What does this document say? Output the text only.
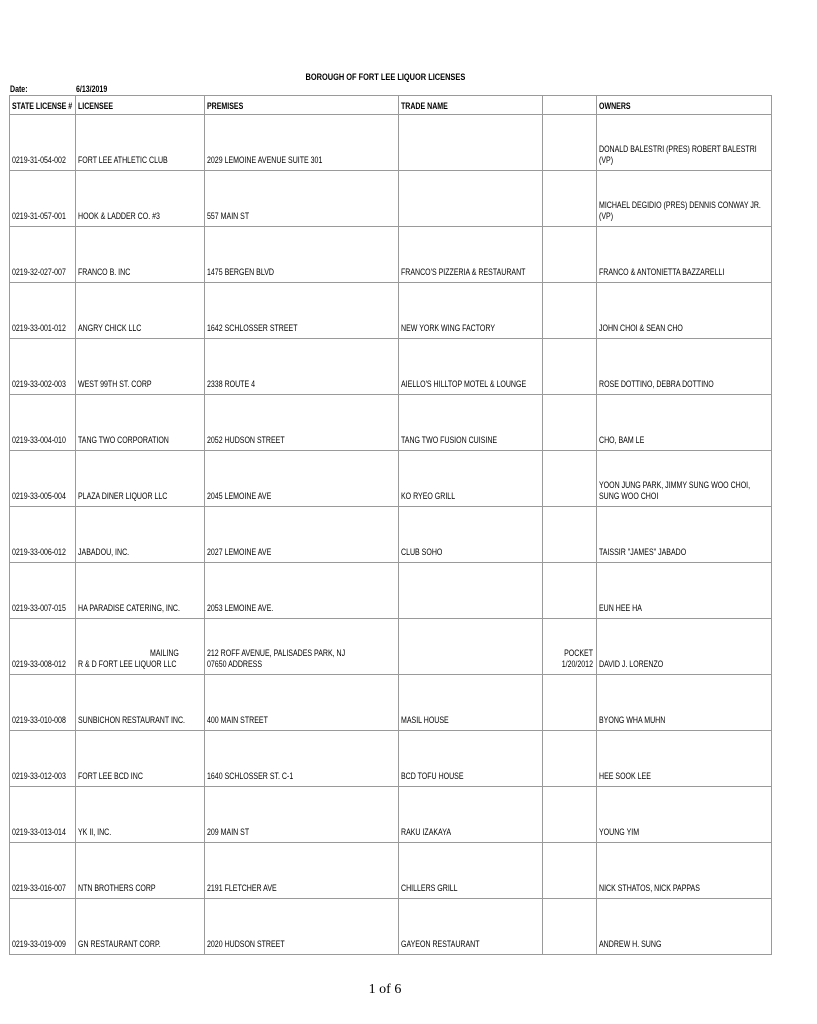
BOROUGH OF FORT LEE LIQUOR LICENSES
Date:	6/13/2019
STATE LICENSE #	LICENSEE	PREMISES	TRADE NAME		OWNERS
0219-31-054-002	FORT LEE ATHLETIC CLUB	2029 LEMOINE AVENUE SUITE 301			DONALD BALESTRI (PRES) ROBERT BALESTRI (VP)
0219-31-057-001	HOOK & LADDER CO. #3	557 MAIN ST			MICHAEL DEGIDIO (PRES) DENNIS CONWAY JR. (VP)
0219-32-027-007	FRANCO B. INC	1475 BERGEN BLVD	FRANCO'S PIZZERIA & RESTAURANT		FRANCO & ANTONIETTA BAZZARELLI
0219-33-001-012	ANGRY CHICK LLC	1642 SCHLOSSER STREET	NEW YORK WING FACTORY		JOHN CHOI & SEAN CHO
0219-33-002-003	WEST 99TH ST. CORP	2338 ROUTE 4	AIELLO'S HILLTOP MOTEL & LOUNGE		ROSE DOTTINO, DEBRA DOTTINO
0219-33-004-010	TANG TWO CORPORATION	2052 HUDSON STREET	TANG TWO FUSION CUISINE		CHO, BAM LE
0219-33-005-004	PLAZA DINER LIQUOR LLC	2045 LEMOINE AVE	KO RYEO GRILL		YOON JUNG PARK, JIMMY SUNG WOO CHOI, SUNG WOO CHOI
0219-33-006-012	JABADOU, INC.	2027 LEMOINE AVE	CLUB SOHO		TAISSIR "JAMES" JABADO
0219-33-007-015	HA PARADISE CATERING, INC.	2053 LEMOINE AVE.			EUN HEE HA
0219-33-008-012	R & D FORT LEE LIQUOR LLC	MAILING 212 ROFF AVENUE, PALISADES PARK, NJ 07650 ADDRESS		POCKET 1/20/2012	DAVID J. LORENZO
0219-33-010-008	SUNBICHON RESTAURANT INC.	400 MAIN STREET	MASIL HOUSE		BYONG WHA MUHN
0219-33-012-003	FORT LEE BCD INC	1640 SCHLOSSER ST. C-1	BCD TOFU HOUSE		HEE SOOK LEE
0219-33-013-014	YK II, INC.	209 MAIN ST	RAKU IZAKAYA		YOUNG YIM
0219-33-016-007	NTN BROTHERS CORP	2191 FLETCHER AVE	CHILLERS GRILL		NICK STHATOS, NICK PAPPAS
0219-33-019-009	GN RESTAURANT CORP.	2020 HUDSON STREET	GAYEON RESTAURANT		ANDREW H. SUNG
1 of 6
